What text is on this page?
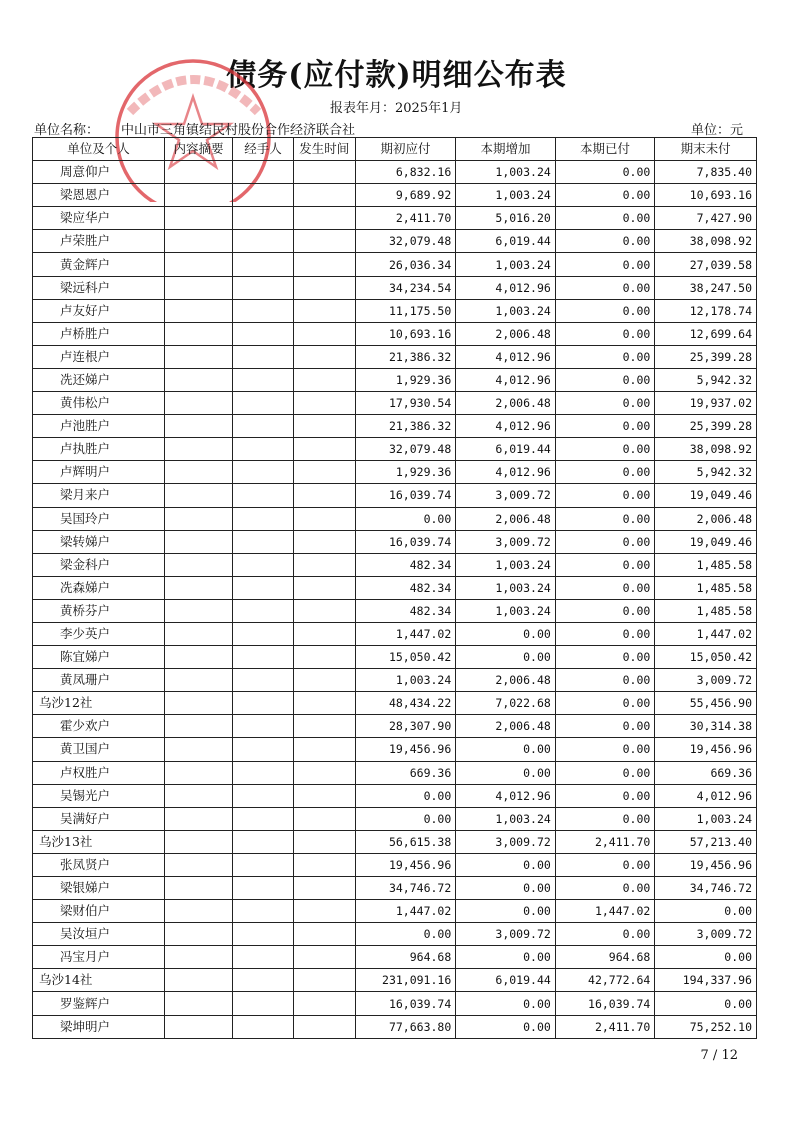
债务(应付款)明细公布表
报表年月：2025年1月
单位名称： 中山市三角镇结民村股份合作经济联合社	单位：元
单位及个人	内容摘要	经手人	发生时间	期初应付	本期增加	本期已付	期末未付
周意仰户				6,832.16	1,003.24	0.00	7,835.40
梁恩恩户				9,689.92	1,003.24	0.00	10,693.16
梁应华户				2,411.70	5,016.20	0.00	7,427.90
卢荣胜户				32,079.48	6,019.44	0.00	38,098.92
黄金辉户				26,036.34	1,003.24	0.00	27,039.58
梁远科户				34,234.54	4,012.96	0.00	38,247.50
卢友好户				11,175.50	1,003.24	0.00	12,178.74
卢桥胜户				10,693.16	2,006.48	0.00	12,699.64
卢连根户				21,386.32	4,012.96	0.00	25,399.28
冼还娣户				1,929.36	4,012.96	0.00	5,942.32
黄伟松户				17,930.54	2,006.48	0.00	19,937.02
卢池胜户				21,386.32	4,012.96	0.00	25,399.28
卢执胜户				32,079.48	6,019.44	0.00	38,098.92
卢辉明户				1,929.36	4,012.96	0.00	5,942.32
梁月来户				16,039.74	3,009.72	0.00	19,049.46
吴国玲户				0.00	2,006.48	0.00	2,006.48
梁转娣户				16,039.74	3,009.72	0.00	19,049.46
梁金科户				482.34	1,003.24	0.00	1,485.58
冼森娣户				482.34	1,003.24	0.00	1,485.58
黄桥芬户				482.34	1,003.24	0.00	1,485.58
李少英户				1,447.02	0.00	0.00	1,447.02
陈宜娣户				15,050.42	0.00	0.00	15,050.42
黄凤珊户				1,003.24	2,006.48	0.00	3,009.72
乌沙12社				48,434.22	7,022.68	0.00	55,456.90
霍少欢户				28,307.90	2,006.48	0.00	30,314.38
黄卫国户				19,456.96	0.00	0.00	19,456.96
卢权胜户				669.36	0.00	0.00	669.36
吴锡光户				0.00	4,012.96	0.00	4,012.96
吴满好户				0.00	1,003.24	0.00	1,003.24
乌沙13社				56,615.38	3,009.72	2,411.70	57,213.40
张凤贤户				19,456.96	0.00	0.00	19,456.96
梁银娣户				34,746.72	0.00	0.00	34,746.72
梁财伯户				1,447.02	0.00	1,447.02	0.00
吴汝垣户				0.00	3,009.72	0.00	3,009.72
冯宝月户				964.68	0.00	964.68	0.00
乌沙14社				231,091.16	6,019.44	42,772.64	194,337.96
罗鉴辉户				16,039.74	0.00	16,039.74	0.00
梁坤明户				77,663.80	0.00	2,411.70	75,252.10
7 / 12
